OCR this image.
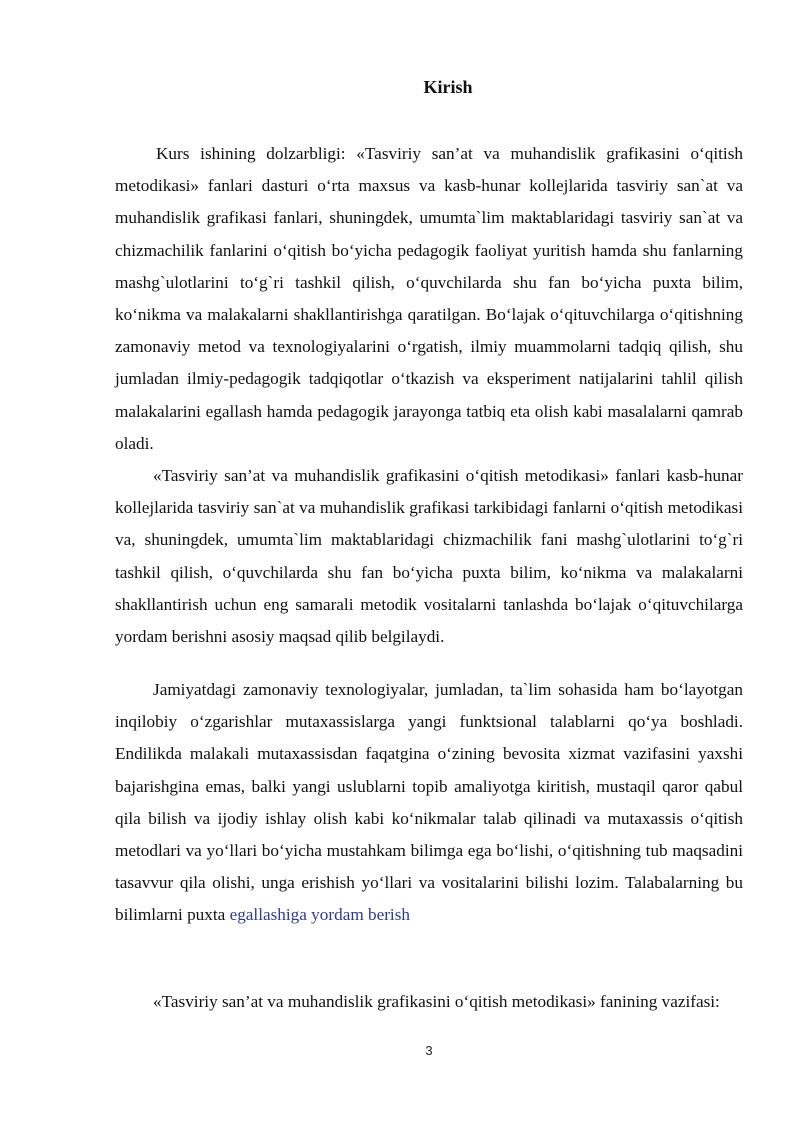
Kirish

Kurs ishining dolzarbligi: «Tasviriy san’at va muhandislik grafikasini o‘qitish metodikasi» fanlari dasturi o‘rta maxsus va kasb-hunar kollejlarida tasviriy san`at va muhandislik grafikasi fanlari, shuningdek, umumta`lim maktablaridagi tasviriy san`at va chizmachilik fanlarini o‘qitish bo‘yicha pedagogik faoliyat yuritish hamda shu fanlarning mashg`ulotlarini to‘g`ri tashkil qilish, o‘quvchilarda shu fan bo‘yicha puxta bilim, ko‘nikma va malakalarni shakllantirishga qaratilgan. Bo‘lajak o‘qituvchilarga o‘qitishning zamonaviy metod va texnologiyalarini o‘rgatish, ilmiy muammolarni tadqiq qilish, shu jumladan ilmiy-pedagogik tadqiqotlar o‘tkazish va eksperiment natijalarini tahlil qilish malakalarini egallash hamda pedagogik jarayonga tatbiq eta olish kabi masalalarni qamrab oladi.

«Tasviriy san’at va muhandislik grafikasini o‘qitish metodikasi» fanlari kasb-hunar kollejlarida tasviriy san`at va muhandislik grafikasi tarkibidagi fanlarni o‘qitish metodikasi va, shuningdek, umumta`lim maktablaridagi chizmachilik fani mashg`ulotlarini to‘g`ri tashkil qilish, o‘quvchilarda shu fan bo‘yicha puxta bilim, ko‘nikma va malakalarni shakllantirish uchun eng samarali metodik vositalarni tanlashda bo‘lajak o‘qituvchilarga yordam berishni asosiy maqsad qilib belgilaydi.

Jamiyatdagi zamonaviy texnologiyalar, jumladan, ta`lim sohasida ham bo‘layotgan inqilobiy o‘zgarishlar mutaxassislarga yangi funktsional talablarni qo‘ya boshladi. Endilikda malakali mutaxassisdan faqatgina o‘zining bevosita xizmat vazifasini yaxshi bajarishgina emas, balki yangi uslublarni topib amaliyotga kiritish, mustaqil qaror qabul qila bilish va ijodiy ishlay olish kabi ko‘nikmalar talab qilinadi va mutaxassis o‘qitish metodlari va yo‘llari bo‘yicha mustahkam bilimga ega bo‘lishi, o‘qitishning tub maqsadini tasavvur qila olishi, unga erishish yo‘llari va vositalarini bilishi lozim. Talabalarning bu bilimlarni puxta egallashiga yordam berish

«Tasviriy san’at va muhandislik grafikasini o‘qitish metodikasi» fanining vazifasi:

3
